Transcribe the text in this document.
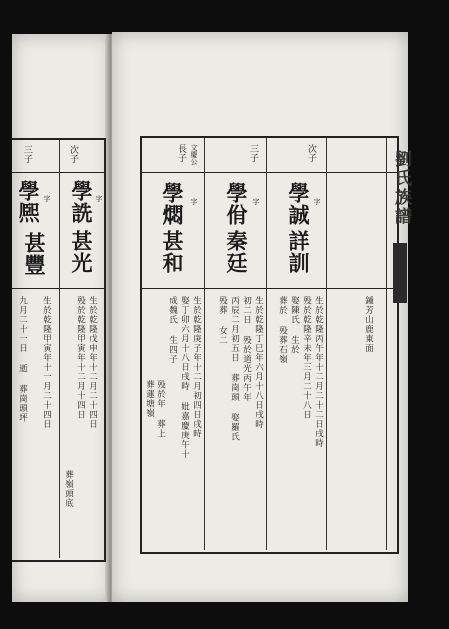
次子
學詵 字
甚光
生於乾隆戊申年十二月二十四日
殁於乾隆甲寅年十二月十四日
葬嶺頭底
三子
學熈 字
甚豐
生於乾隆甲寅年十一月二十四日
九月二十一日 逝 葬崗頭坪
劉氏族譜
文慶公
長子
學燜 字
甚和
生於乾隆庚子年十二月初四日戌時
娶丁卯六月十八日戌時 妣嘉慶庚午十
成魏氏 生四子
殁於年 葬上
葬蓮塘嶺
三子
學佾 字
秦廷
生於乾隆丁巳年六月十八日戌時
初二日 殁於道光丙午年
丙辰二月初五日 葬崗頭 娶羅氏
殁葬 女二
次子
學誠 字
詳訓
生於乾隆丙午年十二月二十二日戌時
殁於乾隆辛未年三月二十八日
娶陳氏 生於
葬於 殁葬石嶺	鍾芳山鹿東面
